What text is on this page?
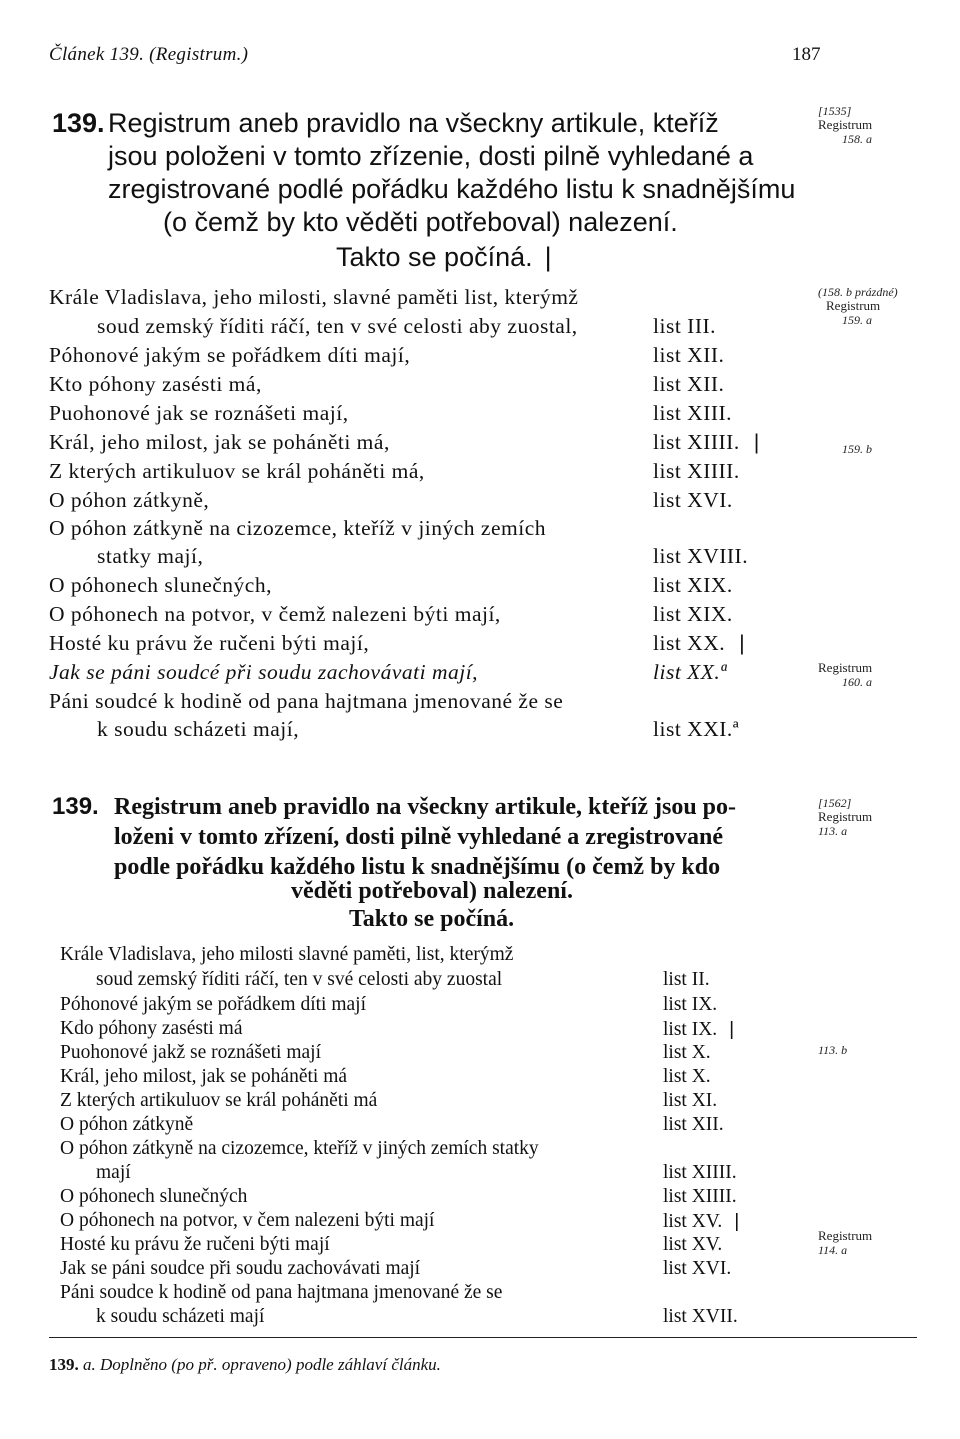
Článek 139. (Registrum.)	187
139. Registrum aneb pravidlo na všeckny artikule, kteříž
jsou položeni v tomto zřízenie, dosti pilně vyhledané a
zregistrované podlé pořádku každého listu k snadnějšímu
(o čemž by kto věděti potřeboval) nalezení.
Takto se počíná. |
Krále Vladislava, jeho milosti, slavné paměti list, kterýmž
soud zemský říditi ráčí, ten v své celosti aby zuostal,	list III.
Póhonové jakým se pořádkem díti mají,	list XII.
Kto póhony zasésti má,	list XII.
Puohonové jak se roznášeti mají,	list XIII.
Král, jeho milost, jak se poháněti má,	list XIIII. |
Z kterých artikuluov se král poháněti má,	list XIIII.
O póhon zátkyně,	list XVI.
O póhon zátkyně na cizozemce, kteříž v jiných zemích
statky mají,	list XVIII.
O póhonech slunečných,	list XIX.
O póhonech na potvor, v čemž nalezeni býti mají,	list XIX.
Hosté ku právu že ručeni býti mají,	list XX. |
Jak se páni soudcé při soudu zachovávati mají,	list XX.ª
Páni soudcé k hodině od pana hajtmana jmenované že se
k soudu scházeti mají,	list XXI.ª
[1535]
Registrum
158. a
(158. b prázdné)
Registrum
159. a
159. b
Registrum
160. a
139. Registrum aneb pravidlo na všeckny artikule, kteříž jsou po-
loženi v tomto zřízení, dosti pilně vyhledané a zregistrované
podle pořádku každého listu k snadnějšímu (o čemž by kdo
věděti potřeboval) nalezení.
Takto se počíná.
Krále Vladislava, jeho milosti slavné paměti, list, kterýmž
soud zemský říditi ráčí, ten v své celosti aby zuostal	list II.
Póhonové jakým se pořádkem díti mají	list IX.
Kdo póhony zasésti má	list IX. |
Puohonové jakž se roznášeti mají	list X.
Král, jeho milost, jak se poháněti má	list X.
Z kterých artikuluov se král poháněti má	list XI.
O póhon zátkyně	list XII.
O póhon zátkyně na cizozemce, kteříž v jiných zemích statky
mají	list XIIII.
O póhonech slunečných	list XIIII.
O póhonech na potvor, v čem nalezeni býti mají	list XV. |
Hosté ku právu že ručeni býti mají	list XV.
Jak se páni soudce při soudu zachovávati mají	list XVI.
Páni soudce k hodině od pana hajtmana jmenované že se
k soudu scházeti mají	list XVII.
[1562]
Registrum
113. a
113. b
Registrum
114. a
139. a. Doplněno (po př. opraveno) podle záhlaví článku.
